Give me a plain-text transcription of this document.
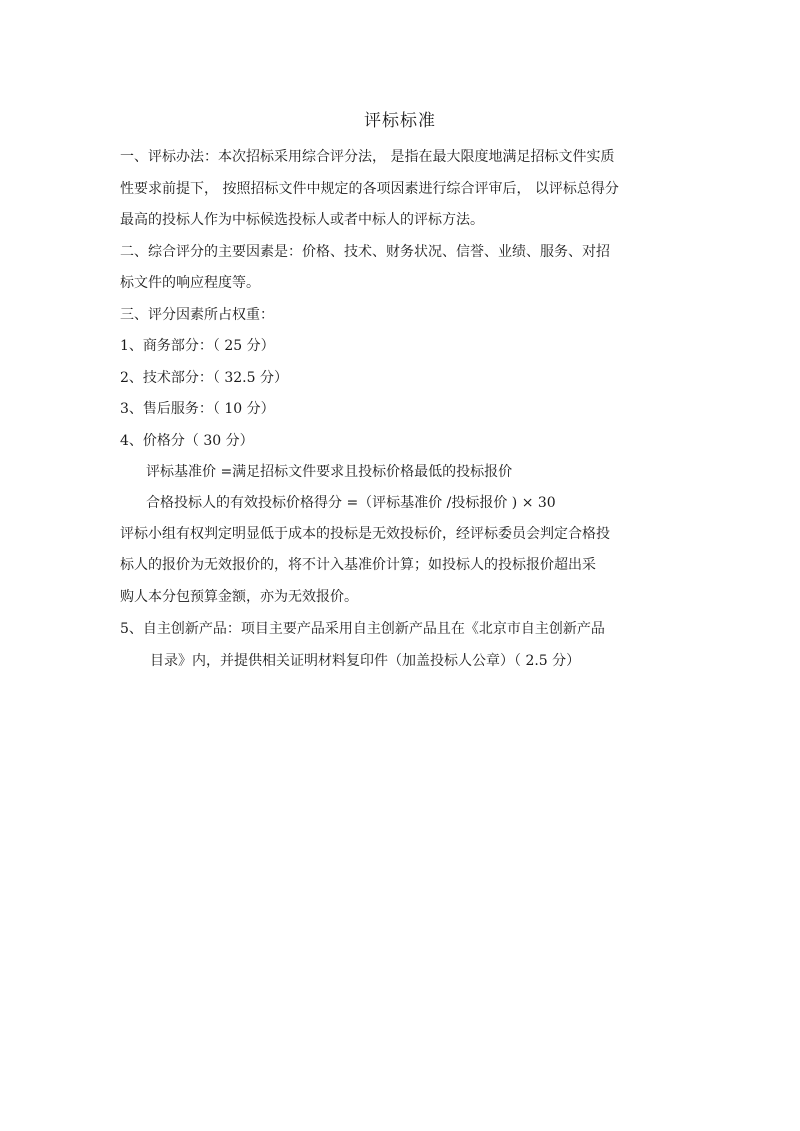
评标标准
一、评标办法：本次招标采用综合评分法， 是指在最大限度地满足招标文件实质
性要求前提下， 按照招标文件中规定的各项因素进行综合评审后， 以评标总得分
最高的投标人作为中标候选投标人或者中标人的评标方法。
二、综合评分的主要因素是：价格、技术、财务状况、信誉、业绩、服务、对招
标文件的响应程度等。
三、评分因素所占权重：
1、商务部分：（ 25 分）
2、技术部分：（ 32.5 分）
3、售后服务：（ 10 分）
4、价格分（ 30 分）
评标基准价 =满足招标文件要求且投标价格最低的投标报价
合格投标人的有效投标价格得分 =（评标基准价 /投标报价 ) × 30
评标小组有权判定明显低于成本的投标是无效投标价，经评标委员会判定合格投
标人的报价为无效报价的，将不计入基准价计算；如投标人的投标报价超出采
购人本分包预算金额，亦为无效报价。
5、自主创新产品：项目主要产品采用自主创新产品且在《北京市自主创新产品
目录》内，并提供相关证明材料复印件（加盖投标人公章）（ 2.5 分）
